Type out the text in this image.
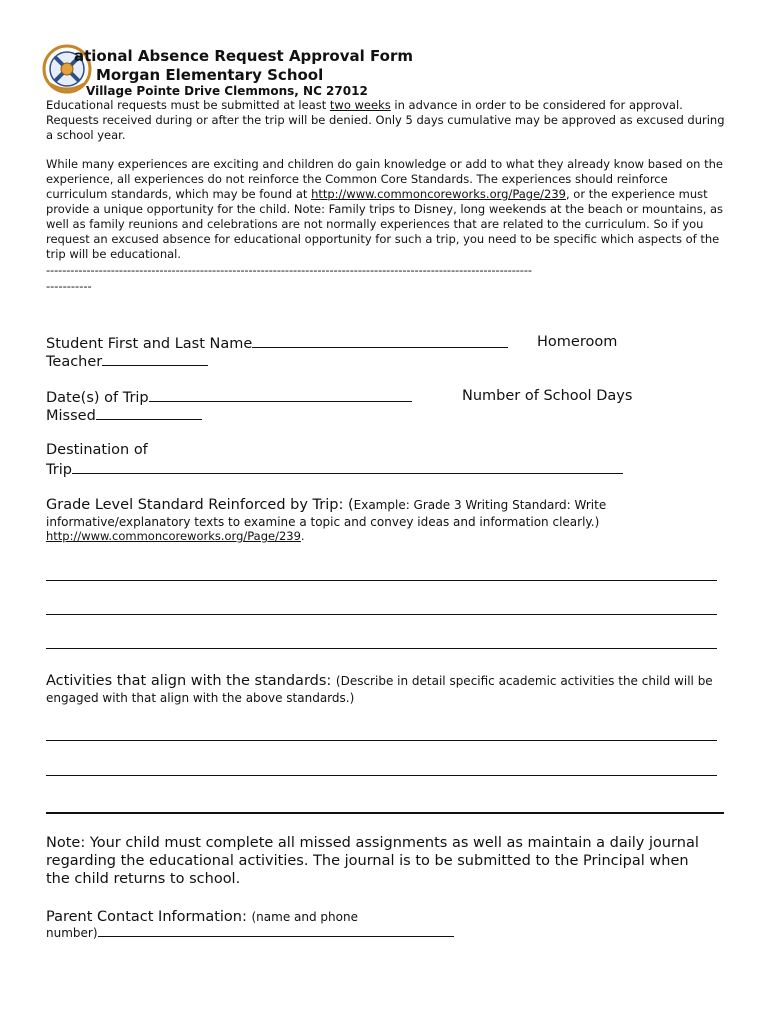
ational Absence Request Approval Form
Morgan Elementary School
Village Pointe Drive Clemmons, NC 27012

Educational requests must be submitted at least two weeks in advance in order to be considered for approval. Requests received during or after the trip will be denied. Only 5 days cumulative may be approved as excused during a school year.

While many experiences are exciting and children do gain knowledge or add to what they already know based on the experience, all experiences do not reinforce the Common Core Standards. The experiences should reinforce curriculum standards, which may be found at http://www.commoncoreworks.org/Page/239, or the experience must provide a unique opportunity for the child. Note: Family trips to Disney, long weekends at the beach or mountains, as well as family reunions and celebrations are not normally experiences that are related to the curriculum. So if you request an excused absence for educational opportunity for such a trip, you need to be specific which aspects of the trip will be educational.

------------------------------------------------------------------------------------------------------------------------

-----------

Student First and Last Name	Homeroom
Teacher
Date(s) of Trip	Number of School Days
Missed
Destination of
Trip
Grade Level Standard Reinforced by Trip: (Example: Grade 3 Writing Standard: Write informative/explanatory texts to examine a topic and convey ideas and information clearly.)
http://www.commoncoreworks.org/Page/239.
Activities that align with the standards: (Describe in detail specific academic activities the child will be engaged with that align with the above standards.)
Note: Your child must complete all missed assignments as well as maintain a daily journal regarding the educational activities. The journal is to be submitted to the Principal when the child returns to school.
Parent Contact Information: (name and phone
number)
